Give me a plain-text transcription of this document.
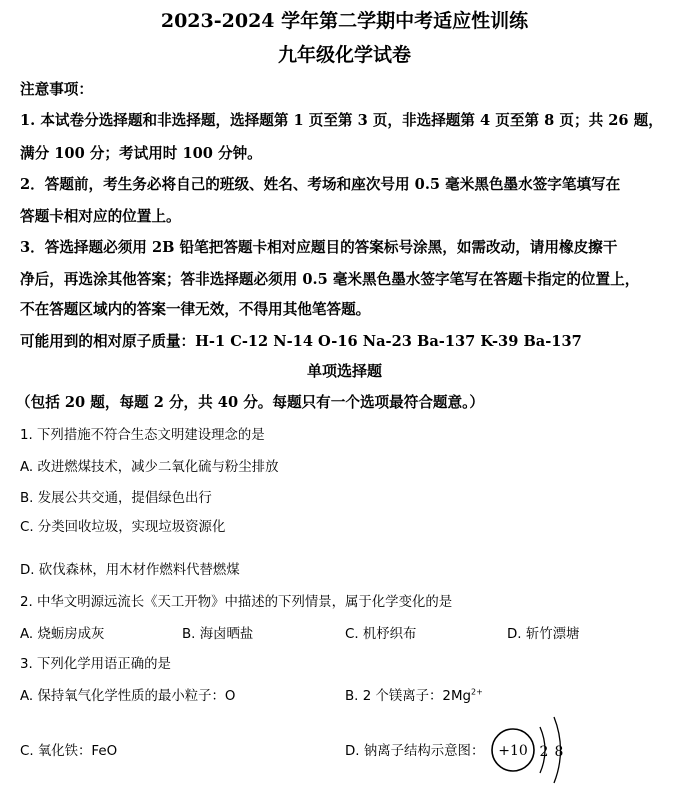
2023-2024 学年第二学期中考适应性训练
九年级化学试卷
注意事项：
1. 本试卷分选择题和非选择题，选择题第 1 页至第 3 页，非选择题第 4 页至第 8 页；共 26 题，
满分 100 分；考试用时 100 分钟。
2．答题前，考生务必将自己的班级、姓名、考场和座次号用 0.5 毫米黑色墨水签字笔填写在
答题卡相对应的位置上。
3．答选择题必须用 2B 铅笔把答题卡相对应题目的答案标号涂黑，如需改动，请用橡皮擦干
净后，再选涂其他答案；答非选择题必须用 0.5 毫米黑色墨水签字笔写在答题卡指定的位置上，
不在答题区域内的答案一律无效，不得用其他笔答题。
可能用到的相对原子质量：H-1 C-12 N-14 O-16 Na-23 Ba-137 K-39 Ba-137
单项选择题
（包括 20 题，每题 2 分，共 40 分。每题只有一个选项最符合题意。）
1. 下列措施不符合生态文明建设理念的是
A. 改进燃煤技术，减少二氧化硫与粉尘排放
B. 发展公共交通，提倡绿色出行
C. 分类回收垃圾，实现垃圾资源化
D. 砍伐森林，用木材作燃料代替燃煤
2. 中华文明源远流长《天工开物》中描述的下列情景，属于化学变化的是
A. 烧蛎房成灰	B. 海卤晒盐	C. 机杼织布	D. 斩竹漂塘
3. 下列化学用语正确的是
A. 保持氧气化学性质的最小粒子：O	B. 2 个镁离子：$2Mg^{2+}$
C. 氧化铁：FeO	D. 钠离子结构示意图： +10 2 8
